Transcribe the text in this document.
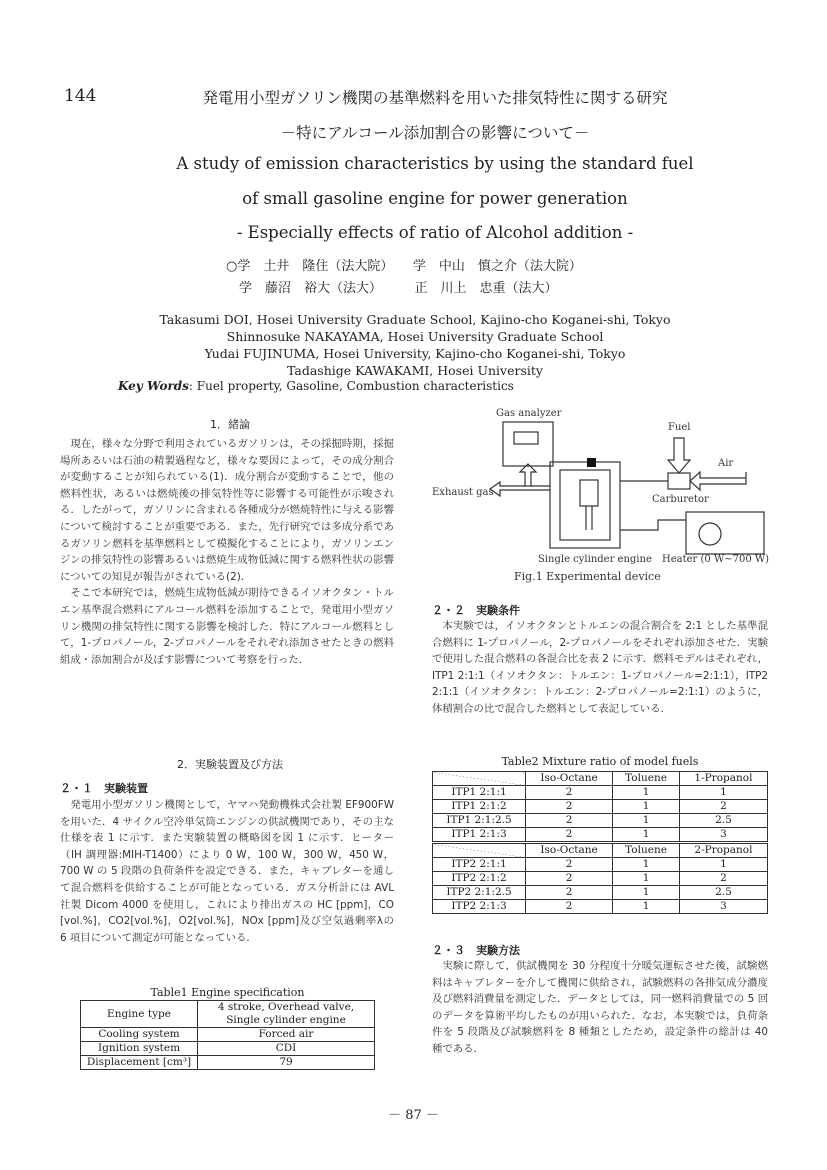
144	発電用小型ガソリン機関の基準燃料を用いた排気特性に関する研究
－特にアルコール添加割合の影響について－
A study of emission characteristics by using the standard fuel
of small gasoline engine for power generation
- Especially effects of ratio of Alcohol addition -
○学　土井　隆住（法大院）　　学　中山　慎之介（法大院）
学　藤沼　裕大（法大）　　　正　川上　忠重（法大）
Takasumi DOI, Hosei University Graduate School, Kajino-cho Koganei-shi, Tokyo
Shinnosuke NAKAYAMA, Hosei University Graduate School
Yudai FUJINUMA, Hosei University, Kajino-cho Koganei-shi, Tokyo
Tadashige KAWAKAMI, Hosei University
Key Words: Fuel property, Gasoline, Combustion characteristics
1．緒論

現在，様々な分野で利用されているガソリンは，その採掘時期，採掘場所あるいは石油の精製過程など，様々な要因によって，その成分割合が変動することが知られている(1)．成分割合が変動することで，他の燃料性状，あるいは燃焼後の排気特性等に影響する可能性が示唆される．したがって，ガソリンに含まれる各種成分が燃焼特性に与える影響について検討することが重要である．また，先行研究では多成分系であるガソリン燃料を基準燃料として模擬化することにより，ガソリンエンジンの排気特性の影響あるいは燃焼生成物低減に関する燃料性状の影響についての知見が報告がされている(2)．

そこで本研究では，燃焼生成物低減が期待できるイソオクタン・トルエン基準混合燃料にアルコール燃料を添加することで，発電用小型ガソリン機関の排気特性に関する影響を検討した．特にアルコール燃料として，1-プロパノール，2-プロパノールをそれぞれ添加させたときの燃料組成・添加割合が及ぼす影響について考察を行った．

2．実験装置及び方法
２・１　実験装置

発電用小型ガソリン機関として，ヤマハ発動機株式会社製 EF900FW を用いた．4 サイクル空冷単気筒エンジンの供試機関であり，その主な仕様を表 1 に示す．また実験装置の概略図を図 1 に示す．ヒーター（IH 調理器:MIH-T1400）により 0 W，100 W，300 W，450 W，700 W の 5 段階の負荷条件を設定できる．また，キャブレターを通して混合燃料を供給することが可能となっている．ガス分析計には AVL 社製 Dicom 4000 を使用し，これにより排出ガスの HC [ppm]，CO [vol.%]，CO2[vol.%]，O2[vol.%]，NOx [ppm]及び空気過剰率λの 6 項目について測定が可能となっている．

Table1 Engine specification
Engine type	4 stroke, Overhead valve, Single cylinder engine
Cooling system	Forced air
Ignition system	CDI
Displacement [cm³]	79
Gas analyzer
Fuel
Air
Exhaust gas
Carburetor
Single cylinder engine Heater (0 W~700 W)
Fig.1 Experimental device
２・２　実験条件

本実験では，イソオクタンとトルエンの混合割合を 2:1 とした基準混合燃料に 1-プロパノール，2-プロパノールをそれぞれ添加させた．実験で使用した混合燃料の各混合比を表 2 に示す．燃料モデルはそれぞれ，ITP1 2:1:1（イソオクタン：トルエン：1-プロパノール=2:1:1），ITP2 2:1:1（イソオクタン：トルエン：2-プロパノール=2:1:1）のように，体積割合の比で混合した燃料として表記している．

Table2 Mixture ratio of model fuels
	Iso-Octane	Toluene	1-Propanol
ITP1 2:1:1	2	1	1
ITP1 2:1:2	2	1	2
ITP1 2:1:2.5	2	1	2.5
ITP1 2:1:3	2	1	3
	Iso-Octane	Toluene	2-Propanol
ITP2 2:1:1	2	1	1
ITP2 2:1:2	2	1	2
ITP2 2:1:2.5	2	1	2.5
ITP2 2:1:3	2	1	3
２・３　実験方法

実験に際して，供試機関を 30 分程度十分暖気運転させた後，試験燃料はキャブレターを介して機関に供給され，試験燃料の各排気成分濃度及び燃料消費量を測定した．データとしては，同一燃料消費量での 5 回のデータを算術平均したものが用いられた．なお，本実験では，負荷条件を 5 段階及び試験燃料を 8 種類としたため，設定条件の総計は 40 種である．

－ 87 －
